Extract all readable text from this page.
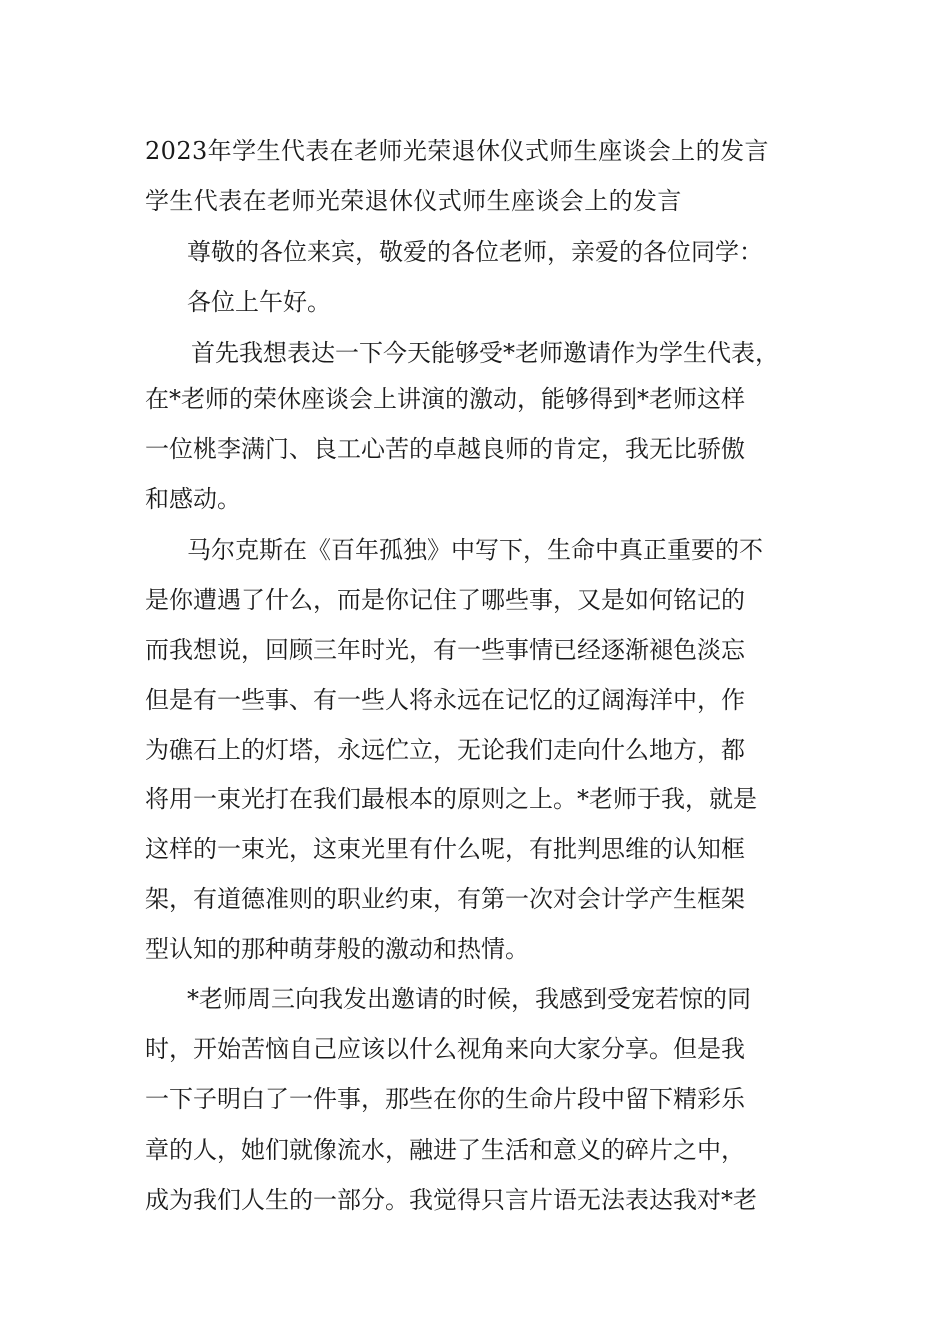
2023年学生代表在老师光荣退休仪式师生座谈会上的发言
学生代表在老师光荣退休仪式师生座谈会上的发言
尊敬的各位来宾，敬爱的各位老师，亲爱的各位同学：
各位上午好。
首先我想表达一下今天能够受*老师邀请作为学生代表，
在*老师的荣休座谈会上讲演的激动，能够得到*老师这样
一位桃李满门、良工心苦的卓越良师的肯定，我无比骄傲
和感动。
马尔克斯在《百年孤独》中写下，生命中真正重要的不
是你遭遇了什么，而是你记住了哪些事，又是如何铭记的
而我想说，回顾三年时光，有一些事情已经逐渐褪色淡忘
但是有一些事、有一些人将永远在记忆的辽阔海洋中，作
为礁石上的灯塔，永远伫立，无论我们走向什么地方，都
将用一束光打在我们最根本的原则之上。*老师于我，就是
这样的一束光，这束光里有什么呢，有批判思维的认知框
架，有道德准则的职业约束，有第一次对会计学产生框架
型认知的那种萌芽般的激动和热情。
*老师周三向我发出邀请的时候，我感到受宠若惊的同
时，开始苦恼自己应该以什么视角来向大家分享。但是我
一下子明白了一件事，那些在你的生命片段中留下精彩乐
章的人，她们就像流水，融进了生活和意义的碎片之中，
成为我们人生的一部分。我觉得只言片语无法表达我对*老
